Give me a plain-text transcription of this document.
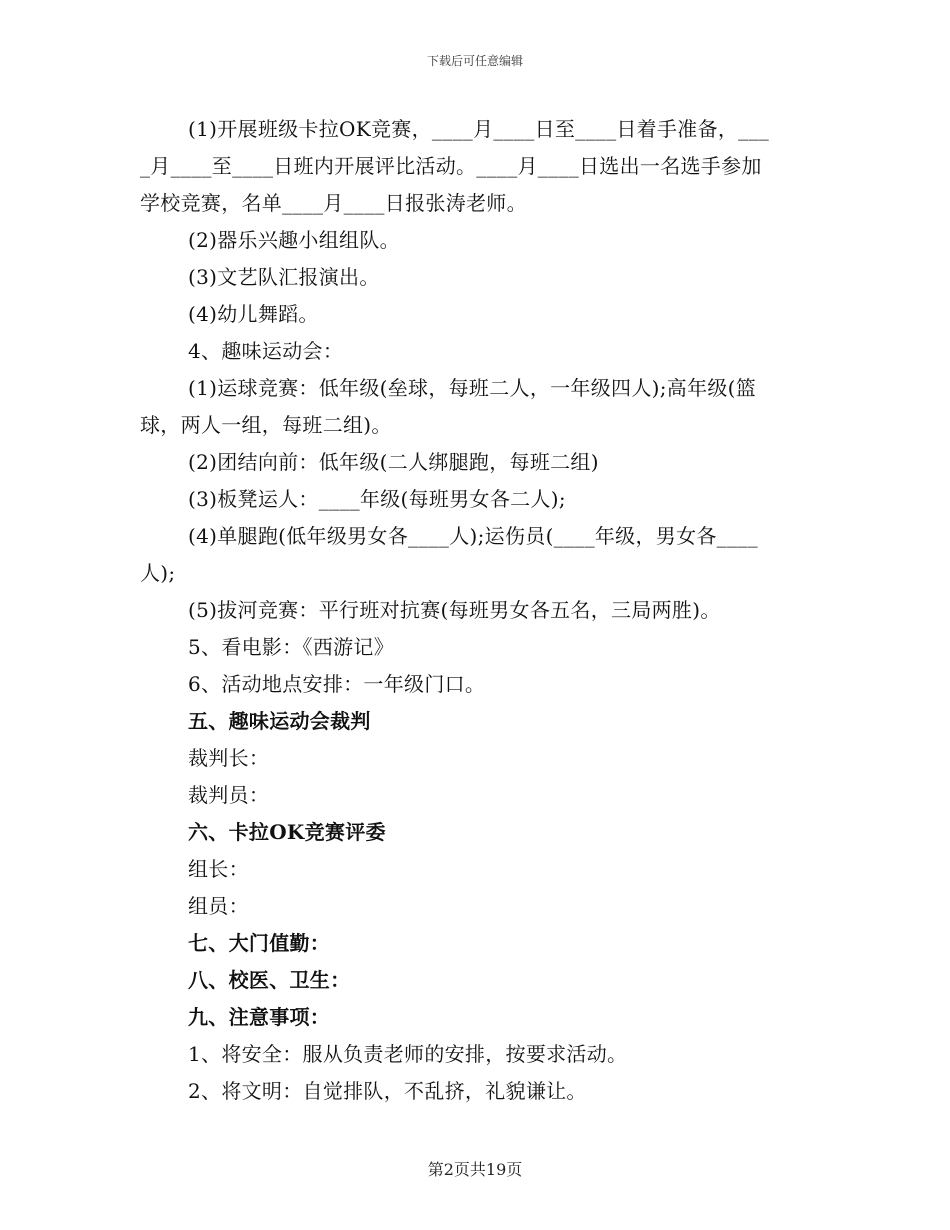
下载后可任意编辑
(1)开展班级卡拉OK竞赛，____月____日至____日着手准备，___
_月____至____日班内开展评比活动。____月____日选出一名选手参加
学校竞赛，名单____月____日报张涛老师。
(2)器乐兴趣小组组队。
(3)文艺队汇报演出。
(4)幼儿舞蹈。
4、趣味运动会：
(1)运球竞赛：低年级(垒球，每班二人，一年级四人);高年级(篮
球，两人一组，每班二组)。
(2)团结向前：低年级(二人绑腿跑，每班二组)
(3)板凳运人：____年级(每班男女各二人);
(4)单腿跑(低年级男女各____人);运伤员(____年级，男女各____
人);
(5)拔河竞赛：平行班对抗赛(每班男女各五名，三局两胜)。
5、看电影：《西游记》
6、活动地点安排：一年级门口。
五、趣味运动会裁判
裁判长：
裁判员：
六、卡拉OK竞赛评委
组长：
组员：
七、大门值勤：
八、校医、卫生：
九、注意事项：
1、将安全：服从负责老师的安排，按要求活动。
2、将文明：自觉排队，不乱挤，礼貌谦让。
第2页共19页
